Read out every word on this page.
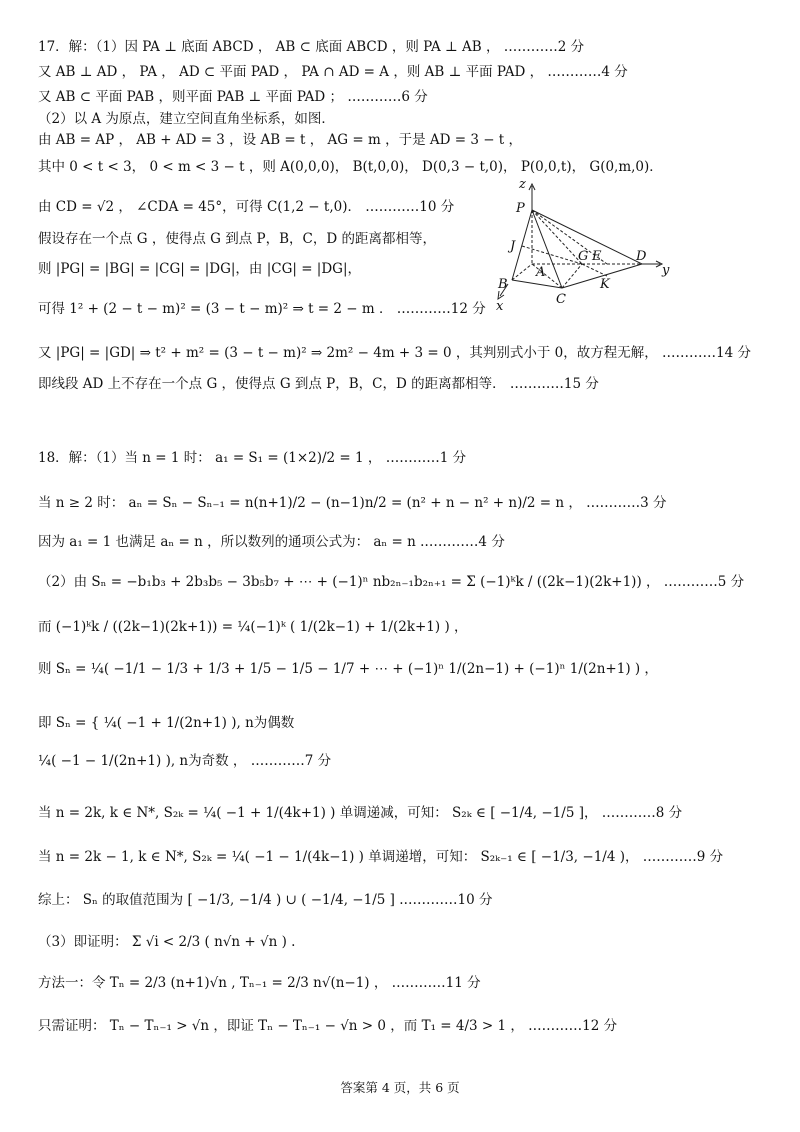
17．解：（1）因 PA ⊥ 底面 ABCD ， AB ⊂ 底面 ABCD ，则 PA ⊥ AB ， …………2 分
又 AB ⊥ AD ， PA ， AD ⊂ 平面 PAD ， PA ∩ AD = A ，则 AB ⊥ 平面 PAD ， …………4 分
又 AB ⊂ 平面 PAB ，则平面 PAB ⊥ 平面 PAD ； …………6 分
（2）以 A 为原点，建立空间直角坐标系，如图．
由 AB = AP ， AB + AD = 3 ，设 AB = t ， AG = m ，于是 AD = 3 − t ，
其中 0 < t < 3， 0 < m < 3 − t ，则 A(0,0,0)， B(t,0,0)， D(0,3 − t,0)， P(0,0,t)， G(0,m,0)．
由 CD = √2 ， ∠CDA = 45°，可得 C(1,2 − t,0)． …………10 分
假设存在一个点 G ，使得点 G 到点 P，B，C，D 的距离都相等，
则 |PG| = |BG| = |CG| = |DG|，由 |CG| = |DG|，
可得 1² + (2 − t − m)² = (3 − t − m)² ⇒ t = 2 − m ． …………12 分
又 |PG| = |GD| ⇒ t² + m² = (3 − t − m)² ⇒ 2m² − 4m + 3 = 0 ，其判别式小于 0，故方程无解， …………14 分
即线段 AD 上不存在一个点 G ，使得点 G 到点 P，B，C，D 的距离都相等． …………15 分
z
P
J
A
G E	D
y
B
x	C
K
18．解：（1）当 n = 1 时： a₁ = S₁ = (1×2)/2 = 1 ， …………1 分
当 n ≥ 2 时： aₙ = Sₙ − Sₙ₋₁ = n(n+1)/2 − (n−1)n/2 = (n² + n − n² + n)/2 = n ， …………3 分
因为 a₁ = 1 也满足 aₙ = n ，所以数列的通项公式为： aₙ = n .…………4 分
（2）由 Sₙ = −b₁b₃ + 2b₃b₅ − 3b₅b₇ + ⋯ + (−1)ⁿ nb₂ₙ₋₁b₂ₙ₊₁ = Σ (−1)ᵏk / ((2k−1)(2k+1)) ， …………5 分
而 (−1)ᵏk / ((2k−1)(2k+1)) = ¼(−1)ᵏ ( 1/(2k−1) + 1/(2k+1) ) ，
则 Sₙ = ¼( −1/1 − 1/3 + 1/3 + 1/5 − 1/5 − 1/7 + ⋯ + (−1)ⁿ 1/(2n−1) + (−1)ⁿ 1/(2n+1) ) ，
即 Sₙ = { ¼( −1 + 1/(2n+1) ), n为偶数
¼( −1 − 1/(2n+1) ), n为奇数 ， …………7 分
当 n = 2k, k ∈ N*, S₂ₖ = ¼( −1 + 1/(4k+1) ) 单调递减，可知： S₂ₖ ∈ [ −1/4, −1/5 ]， …………8 分
当 n = 2k − 1, k ∈ N*, S₂ₖ = ¼( −1 − 1/(4k−1) ) 单调递增，可知： S₂ₖ₋₁ ∈ [ −1/3, −1/4 )， …………9 分
综上： Sₙ 的取值范围为 [ −1/3, −1/4 ) ∪ ( −1/4, −1/5 ] .…………10 分
（3）即证明： Σ √i < 2/3 ( n√n + √n ) .
方法一：令 Tₙ = 2/3 (n+1)√n , Tₙ₋₁ = 2/3 n√(n−1) ， …………11 分
只需证明： Tₙ − Tₙ₋₁ > √n ，即证 Tₙ − Tₙ₋₁ − √n > 0 ，而 T₁ = 4/3 > 1 ， …………12 分
答案第 4 页，共 6 页
